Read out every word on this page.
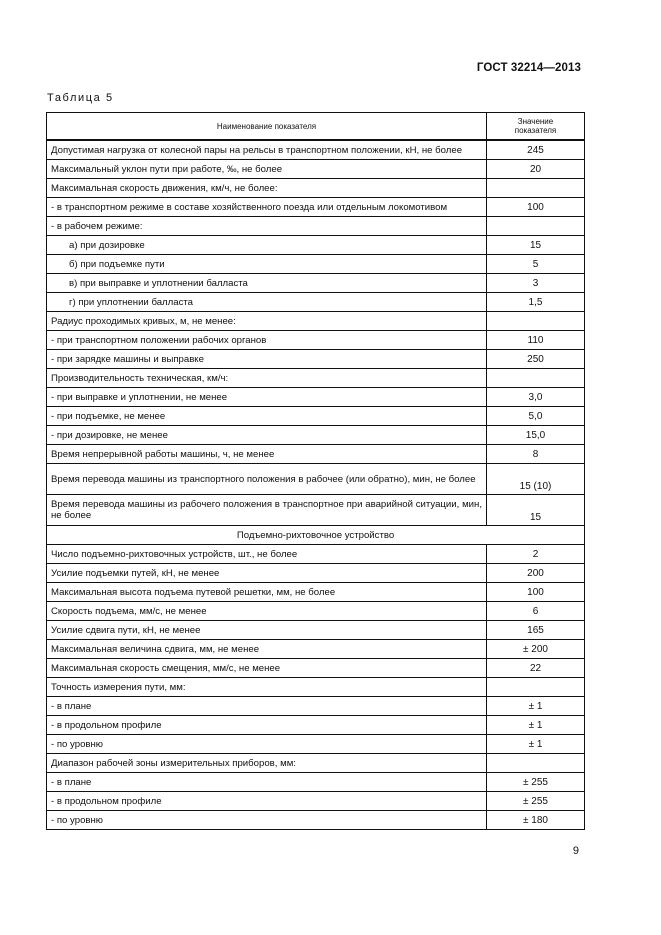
ГОСТ 32214—2013
Таблица 5
Наименование показателя	Значение
показателя
Допустимая нагрузка от колесной пары на рельсы в транспортном положении, кН, не более	245
Максимальный уклон пути при работе, ‰, не более	20
Максимальная скорость движения, км/ч, не более:	
- в транспортном режиме в составе хозяйственного поезда или отдельным локомотивом	100
- в рабочем режиме:	
а) при дозировке	15
б) при подъемке пути	5
в) при выправке и уплотнении балласта	3
г) при уплотнении балласта	1,5
Радиус проходимых кривых, м, не менее:	
- при транспортном положении рабочих органов	110
- при зарядке машины и выправке	250
Производительность техническая, км/ч:	
- при выправке и уплотнении, не менее	3,0
- при подъемке, не менее	5,0
- при дозировке, не менее	15,0
Время непрерывной работы машины, ч, не менее	8
Время перевода машины из транспортного положения в рабочее (или обратно), мин, не более	15 (10)
Время перевода машины из рабочего положения в транспортное при аварийной ситуации, мин, не более	15
Подъемно-рихтовочное устройство	
Число подъемно-рихтовочных устройств, шт., не более	2
Усилие подъемки путей, кН, не менее	200
Максимальная высота подъема путевой решетки, мм, не более	100
Скорость подъема, мм/с, не менее	6
Усилие сдвига пути, кН, не менее	165
Максимальная величина сдвига, мм, не менее	± 200
Максимальная скорость смещения, мм/с, не менее	22
Точность измерения пути, мм:	
- в плане	± 1
- в продольном профиле	± 1
- по уровню	± 1
Диапазон рабочей зоны измерительных приборов, мм:	
- в плане	± 255
- в продольном профиле	± 255
- по уровню	± 180
9
